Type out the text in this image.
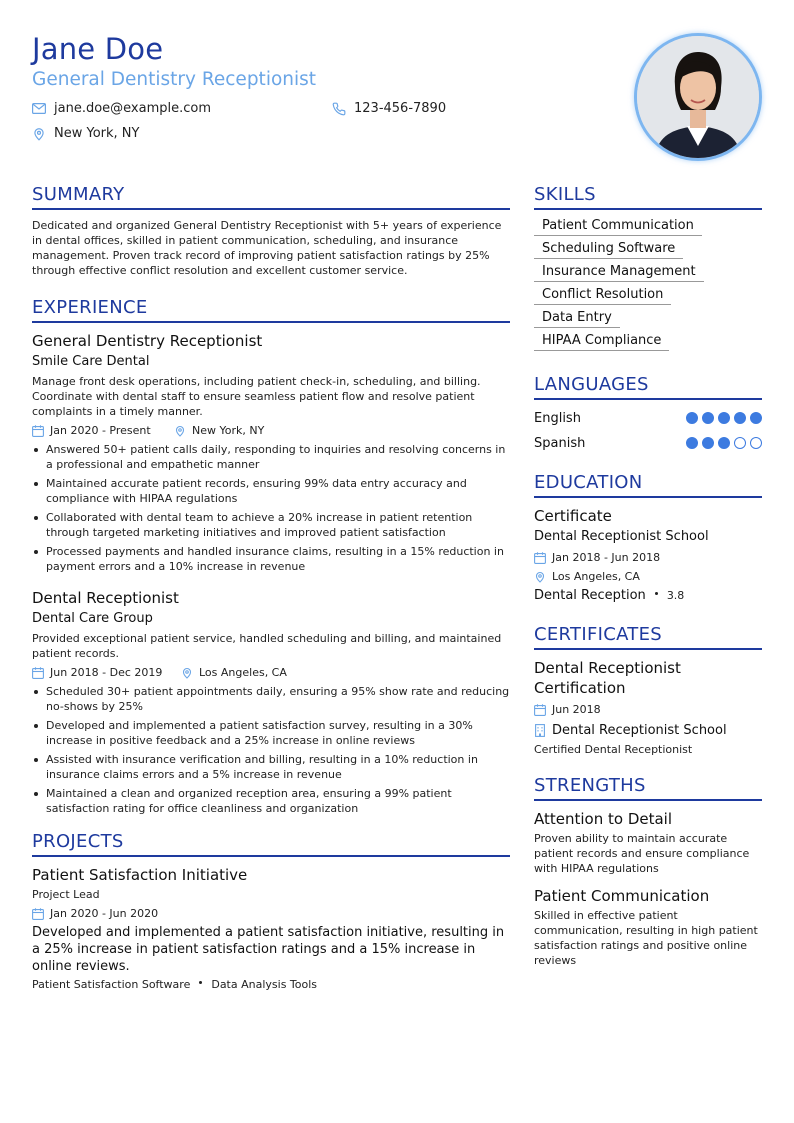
Jane Doe
General Dentistry Receptionist
jane.doe@example.com	123-456-7890
New York, NY
SUMMARY
Dedicated and organized General Dentistry Receptionist with 5+ years of experience in dental offices, skilled in patient communication, scheduling, and insurance management. Proven track record of improving patient satisfaction ratings by 25% through effective conflict resolution and excellent customer service.
EXPERIENCE
General Dentistry Receptionist
Smile Care Dental
Manage front desk operations, including patient check-in, scheduling, and billing. Coordinate with dental staff to ensure seamless patient flow and resolve patient complaints in a timely manner.
Jan 2020 - Present	New York, NY
Answered 50+ patient calls daily, responding to inquiries and resolving concerns in a professional and empathetic manner
Maintained accurate patient records, ensuring 99% data entry accuracy and compliance with HIPAA regulations
Collaborated with dental team to achieve a 20% increase in patient retention through targeted marketing initiatives and improved patient satisfaction
Processed payments and handled insurance claims, resulting in a 15% reduction in payment errors and a 10% increase in revenue
Dental Receptionist
Dental Care Group
Provided exceptional patient service, handled scheduling and billing, and maintained patient records.
Jun 2018 - Dec 2019	Los Angeles, CA
Scheduled 30+ patient appointments daily, ensuring a 95% show rate and reducing no-shows by 25%
Developed and implemented a patient satisfaction survey, resulting in a 30% increase in positive feedback and a 25% increase in online reviews
Assisted with insurance verification and billing, resulting in a 10% reduction in insurance claims errors and a 5% increase in revenue
Maintained a clean and organized reception area, ensuring a 99% patient satisfaction rating for office cleanliness and organization
PROJECTS
Patient Satisfaction Initiative
Project Lead
Jan 2020 - Jun 2020
Developed and implemented a patient satisfaction initiative, resulting in a 25% increase in patient satisfaction ratings and a 15% increase in online reviews.
Patient Satisfaction Software Data Analysis Tools
SKILLS
Patient Communication
Scheduling Software
Insurance Management
Conflict Resolution
Data Entry
HIPAA Compliance
LANGUAGES
English
Spanish
EDUCATION
Certificate
Dental Receptionist School
Jan 2018 - Jun 2018
Los Angeles, CA
Dental Reception 3.8
CERTIFICATES
Dental Receptionist Certification
Jun 2018
Dental Receptionist School
Certified Dental Receptionist
STRENGTHS
Attention to Detail
Proven ability to maintain accurate patient records and ensure compliance with HIPAA regulations
Patient Communication
Skilled in effective patient communication, resulting in high patient satisfaction ratings and positive online reviews
